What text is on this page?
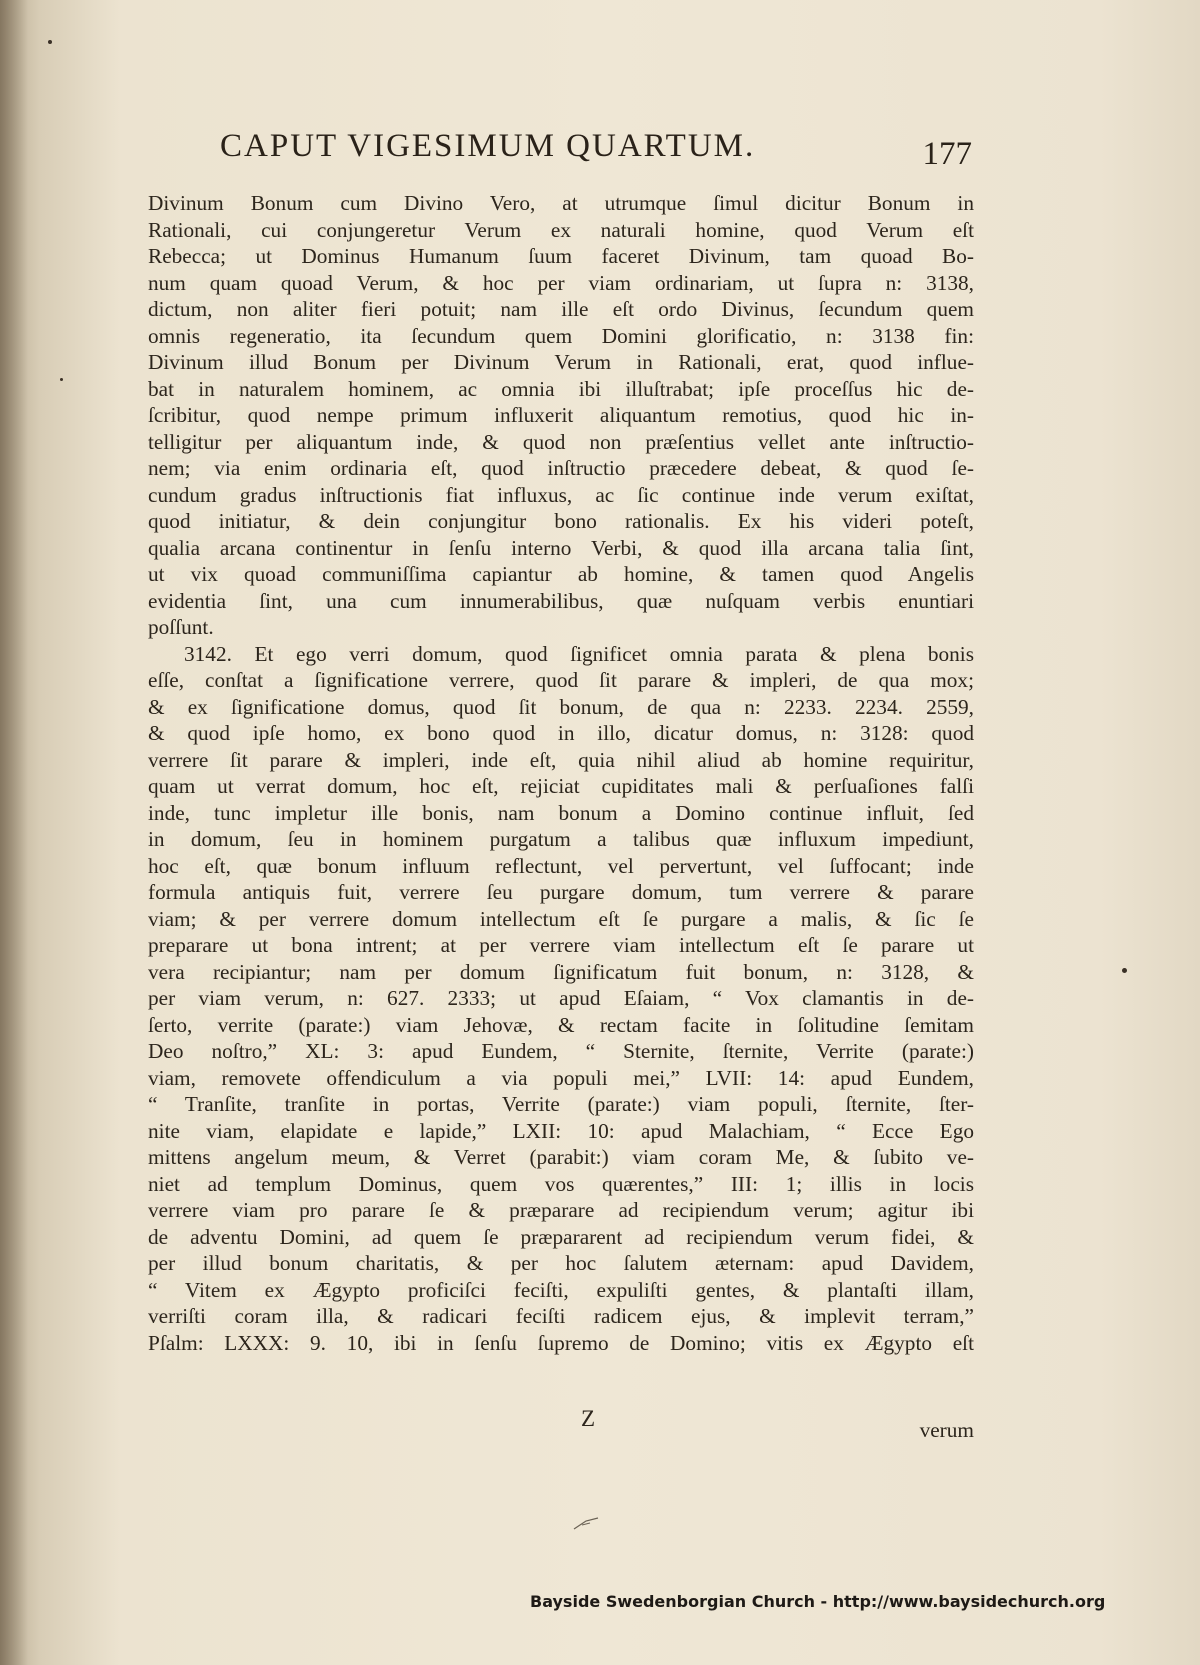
CAPUT VIGESIMUM QUARTUM.	177
Divinum Bonum cum Divino Vero, at utrumque ſimul dicitur Bonum in
Rationali, cui conjungeretur Verum ex naturali homine, quod Verum eſt
Rebecca; ut Dominus Humanum ſuum faceret Divinum, tam quoad Bo-
num quam quoad Verum, & hoc per viam ordinariam, ut ſupra n: 3138,
dictum, non aliter fieri potuit; nam ille eſt ordo Divinus, ſecundum quem
omnis regeneratio, ita ſecundum quem Domini glorificatio, n: 3138 fin:
Divinum illud Bonum per Divinum Verum in Rationali, erat, quod influe-
bat in naturalem hominem, ac omnia ibi illuſtrabat; ipſe proceſſus hic de-
ſcribitur, quod nempe primum influxerit aliquantum remotius, quod hic in-
telligitur per aliquantum inde, & quod non præſentius vellet ante inſtructio-
nem; via enim ordinaria eſt, quod inſtructio præcedere debeat, & quod ſe-
cundum gradus inſtructionis fiat influxus, ac ſic continue inde verum exiſtat,
quod initiatur, & dein conjungitur bono rationalis. Ex his videri poteſt,
qualia arcana continentur in ſenſu interno Verbi, & quod illa arcana talia ſint,
ut vix quoad communiſſima capiantur ab homine, & tamen quod Angelis
evidentia ſint, una cum innumerabilibus, quæ nuſquam verbis enuntiari
poſſunt.
3142. Et ego verri domum, quod ſignificet omnia parata & plena bonis
eſſe, conſtat a ſignificatione verrere, quod ſit parare & impleri, de qua mox;
& ex ſignificatione domus, quod ſit bonum, de qua n: 2233. 2234. 2559,
& quod ipſe homo, ex bono quod in illo, dicatur domus, n: 3128: quod
verrere ſit parare & impleri, inde eſt, quia nihil aliud ab homine requiritur,
quam ut verrat domum, hoc eſt, rejiciat cupiditates mali & perſuaſiones falſi
inde, tunc impletur ille bonis, nam bonum a Domino continue influit, ſed
in domum, ſeu in hominem purgatum a talibus quæ influxum impediunt,
hoc eſt, quæ bonum influum reflectunt, vel pervertunt, vel ſuffocant; inde
formula antiquis fuit, verrere ſeu purgare domum, tum verrere & parare
viam; & per verrere domum intellectum eſt ſe purgare a malis, & ſic ſe
preparare ut bona intrent; at per verrere viam intellectum eſt ſe parare ut
vera recipiantur; nam per domum ſignificatum fuit bonum, n: 3128, &
per viam verum, n: 627. 2333; ut apud Eſaiam, “ Vox clamantis in de-
ſerto, verrite (parate:) viam Jehovæ, & rectam facite in ſolitudine ſemitam
Deo noſtro,” XL: 3: apud Eundem, “ Sternite, ſternite, Verrite (parate:)
viam, removete offendiculum a via populi mei,” LVII: 14: apud Eundem,
“ Tranſite, tranſite in portas, Verrite (parate:) viam populi, ſternite, ſter-
nite viam, elapidate e lapide,” LXII: 10: apud Malachiam, “ Ecce Ego
mittens angelum meum, & Verret (parabit:) viam coram Me, & ſubito ve-
niet ad templum Dominus, quem vos quærentes,” III: 1; illis in locis
verrere viam pro parare ſe & præparare ad recipiendum verum; agitur ibi
de adventu Domini, ad quem ſe præpararent ad recipiendum verum fidei, &
per illud bonum charitatis, & per hoc ſalutem æternam: apud Davidem,
“ Vitem ex Ægypto proficiſci feciſti, expuliſti gentes, & plantaſti illam,
verriſti coram illa, & radicari feciſti radicem ejus, & implevit terram,”
Pſalm: LXXX: 9. 10, ibi in ſenſu ſupremo de Domino; vitis ex Ægypto eſt
Z	verum
Bayside Swedenborgian Church - http://www.baysidechurch.org
